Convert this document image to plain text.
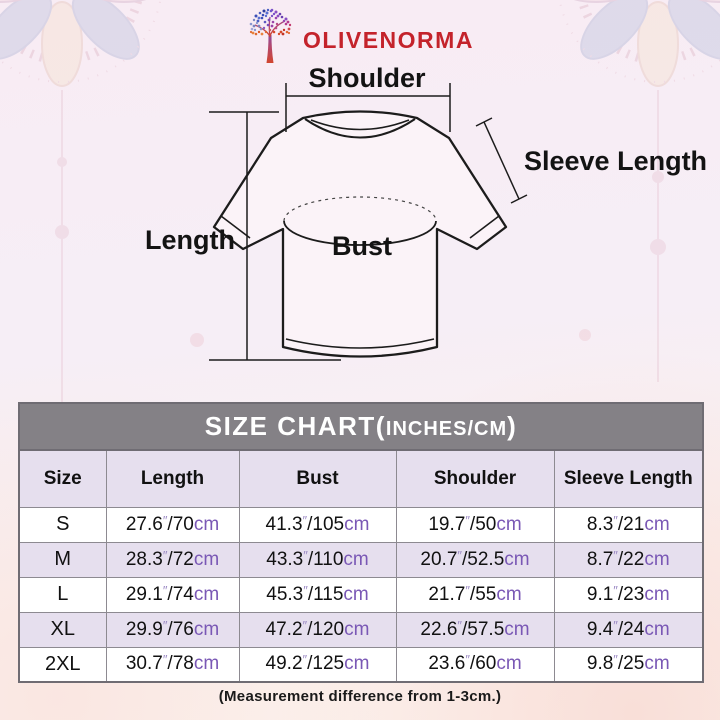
OLIVENORMA
Shoulder
Length	Bust
Sleeve Length
SIZE CHART(INCHES/CM)				
Size	Length	Bust	Shoulder	Sleeve Length
S	27.6″/70cm	41.3″/105cm	19.7″/50cm	8.3″/21cm
M	28.3″/72cm	43.3″/110cm	20.7″/52.5cm	8.7″/22cm
L	29.1″/74cm	45.3″/115cm	21.7″/55cm	9.1″/23cm
XL	29.9″/76cm	47.2″/120cm	22.6″/57.5cm	9.4″/24cm
2XL	30.7″/78cm	49.2″/125cm	23.6″/60cm	9.8″/25cm
(Measurement difference from 1-3cm.)
